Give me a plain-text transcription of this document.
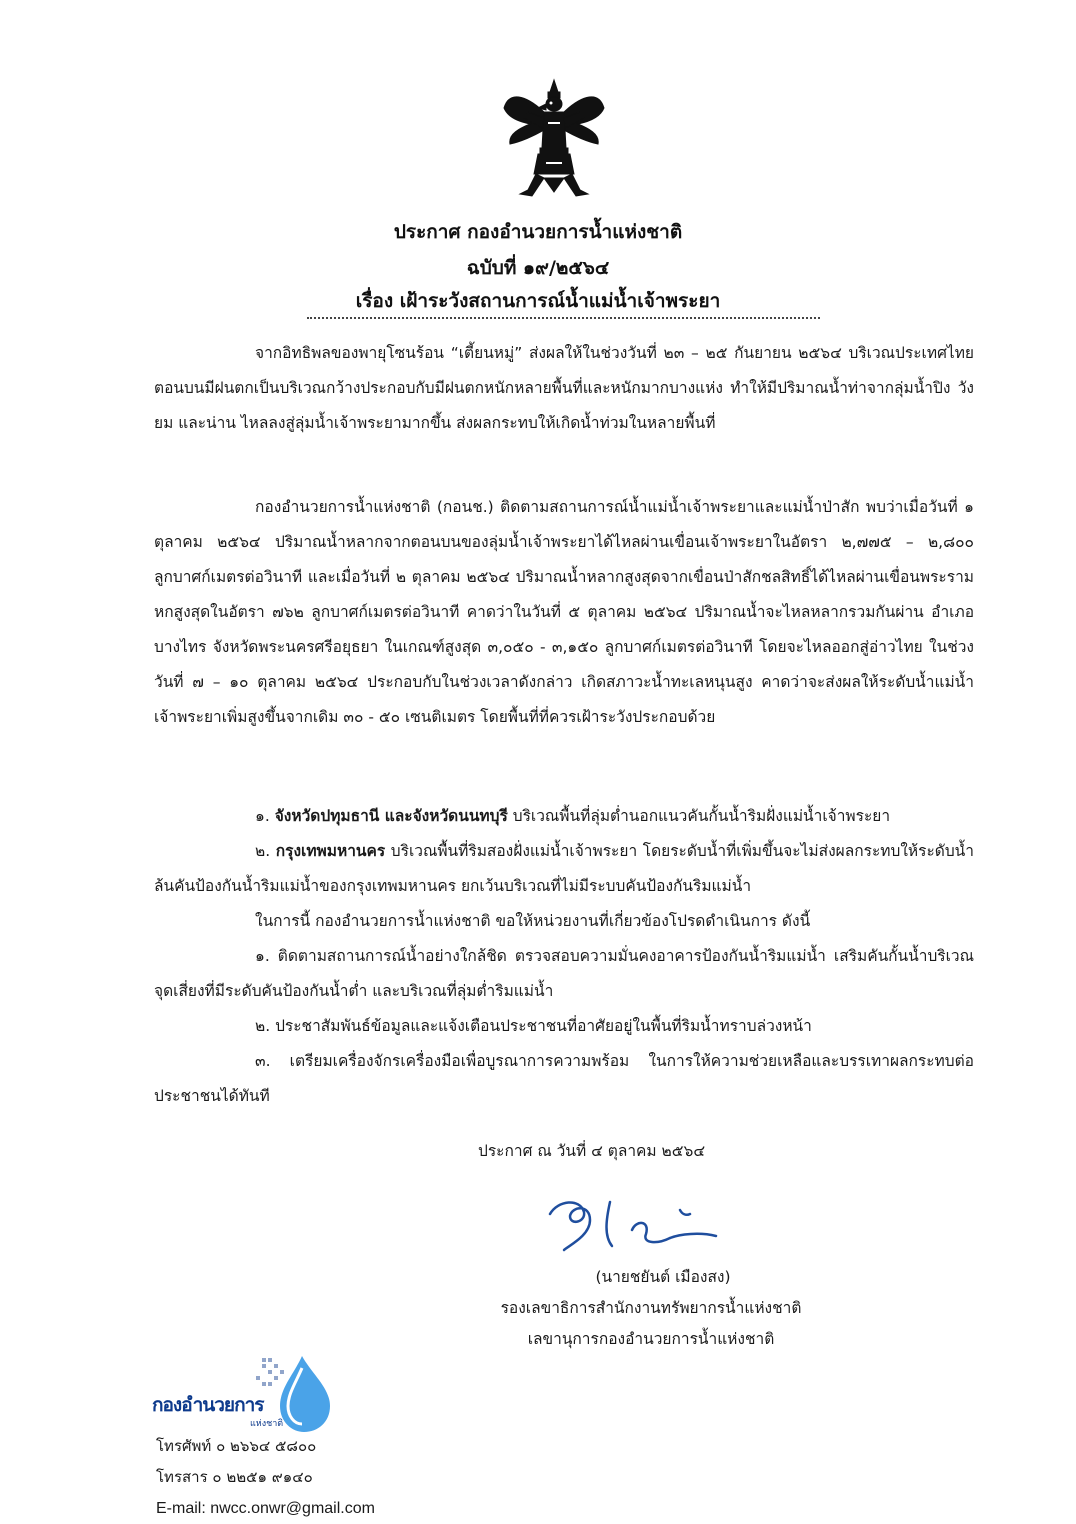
ประกาศ กองอำนวยการน้ำแห่งชาติ
ฉบับที่ ๑๙/๒๕๖๔
เรื่อง เฝ้าระวังสถานการณ์น้ำแม่น้ำเจ้าพระยา

จากอิทธิพลของพายุโซนร้อน “เตี้ยนหมู่” ส่งผลให้ในช่วงวันที่ ๒๓ – ๒๕ กันยายน ๒๕๖๔ บริเวณประเทศไทยตอนบนมีฝนตกเป็นบริเวณกว้างประกอบกับมีฝนตกหนักหลายพื้นที่และหนักมากบางแห่ง ทำให้มีปริมาณน้ำท่าจากลุ่มน้ำปิง วัง ยม และน่าน ไหลลงสู่ลุ่มน้ำเจ้าพระยามากขึ้น ส่งผลกระทบให้เกิดน้ำท่วมในหลายพื้นที่

กองอำนวยการน้ำแห่งชาติ (กอนช.) ติดตามสถานการณ์น้ำแม่น้ำเจ้าพระยาและแม่น้ำป่าสัก พบว่าเมื่อวันที่ ๑ ตุลาคม ๒๕๖๔ ปริมาณน้ำหลากจากตอนบนของลุ่มน้ำเจ้าพระยาได้ไหลผ่านเขื่อนเจ้าพระยาในอัตรา ๒,๗๗๕ – ๒,๘๐๐ ลูกบาศก์เมตรต่อวินาที และเมื่อวันที่ ๒ ตุลาคม ๒๕๖๔ ปริมาณน้ำหลากสูงสุดจากเขื่อนป่าสักชลสิทธิ์ได้ไหลผ่านเขื่อนพระรามหกสูงสุดในอัตรา ๗๖๒ ลูกบาศก์เมตรต่อวินาที คาดว่าในวันที่ ๕ ตุลาคม ๒๕๖๔ ปริมาณน้ำจะไหลหลากรวมกันผ่าน อำเภอบางไทร จังหวัดพระนครศรีอยุธยา ในเกณฑ์สูงสุด ๓,๐๕๐ - ๓,๑๕๐ ลูกบาศก์เมตรต่อวินาที โดยจะไหลออกสู่อ่าวไทย ในช่วงวันที่ ๗ – ๑๐ ตุลาคม ๒๕๖๔ ประกอบกับในช่วงเวลาดังกล่าว เกิดสภาวะน้ำทะเลหนุนสูง คาดว่าจะส่งผลให้ระดับน้ำแม่น้ำเจ้าพระยาเพิ่มสูงขึ้นจากเดิม ๓๐ - ๕๐ เซนติเมตร โดยพื้นที่ที่ควรเฝ้าระวังประกอบด้วย

๑. จังหวัดปทุมธานี และจังหวัดนนทบุรี บริเวณพื้นที่ลุ่มต่ำนอกแนวคันกั้นน้ำริมฝั่งแม่น้ำเจ้าพระยา

๒. กรุงเทพมหานคร บริเวณพื้นที่ริมสองฝั่งแม่น้ำเจ้าพระยา โดยระดับน้ำที่เพิ่มขึ้นจะไม่ส่งผลกระทบให้ระดับน้ำล้นคันป้องกันน้ำริมแม่น้ำของกรุงเทพมหานคร ยกเว้นบริเวณที่ไม่มีระบบคันป้องกันริมแม่น้ำ

ในการนี้ กองอำนวยการน้ำแห่งชาติ ขอให้หน่วยงานที่เกี่ยวข้องโปรดดำเนินการ ดังนี้

๑. ติดตามสถานการณ์น้ำอย่างใกล้ชิด ตรวจสอบความมั่นคงอาคารป้องกันน้ำริมแม่น้ำ เสริมคันกั้นน้ำบริเวณจุดเสี่ยงที่มีระดับคันป้องกันน้ำต่ำ และบริเวณที่ลุ่มต่ำริมแม่น้ำ

๒. ประชาสัมพันธ์ข้อมูลและแจ้งเตือนประชาชนที่อาศัยอยู่ในพื้นที่ริมน้ำทราบล่วงหน้า

๓. เตรียมเครื่องจักรเครื่องมือเพื่อบูรณาการความพร้อม ในการให้ความช่วยเหลือและบรรเทาผลกระทบต่อประชาชนได้ทันที

ประกาศ ณ วันที่ ๔ ตุลาคม ๒๕๖๔
(นายชยันต์ เมืองสง)
รองเลขาธิการสำนักงานทรัพยากรน้ำแห่งชาติ
เลขานุการกองอำนวยการน้ำแห่งชาติ
กองอำนวยการ
แห่งชาติ
โทรศัพท์ ๐ ๒๖๖๔ ๕๘๐๐
โทรสาร ๐ ๒๒๕๑ ๙๑๔๐
E-mail: nwcc.onwr@gmail.com
